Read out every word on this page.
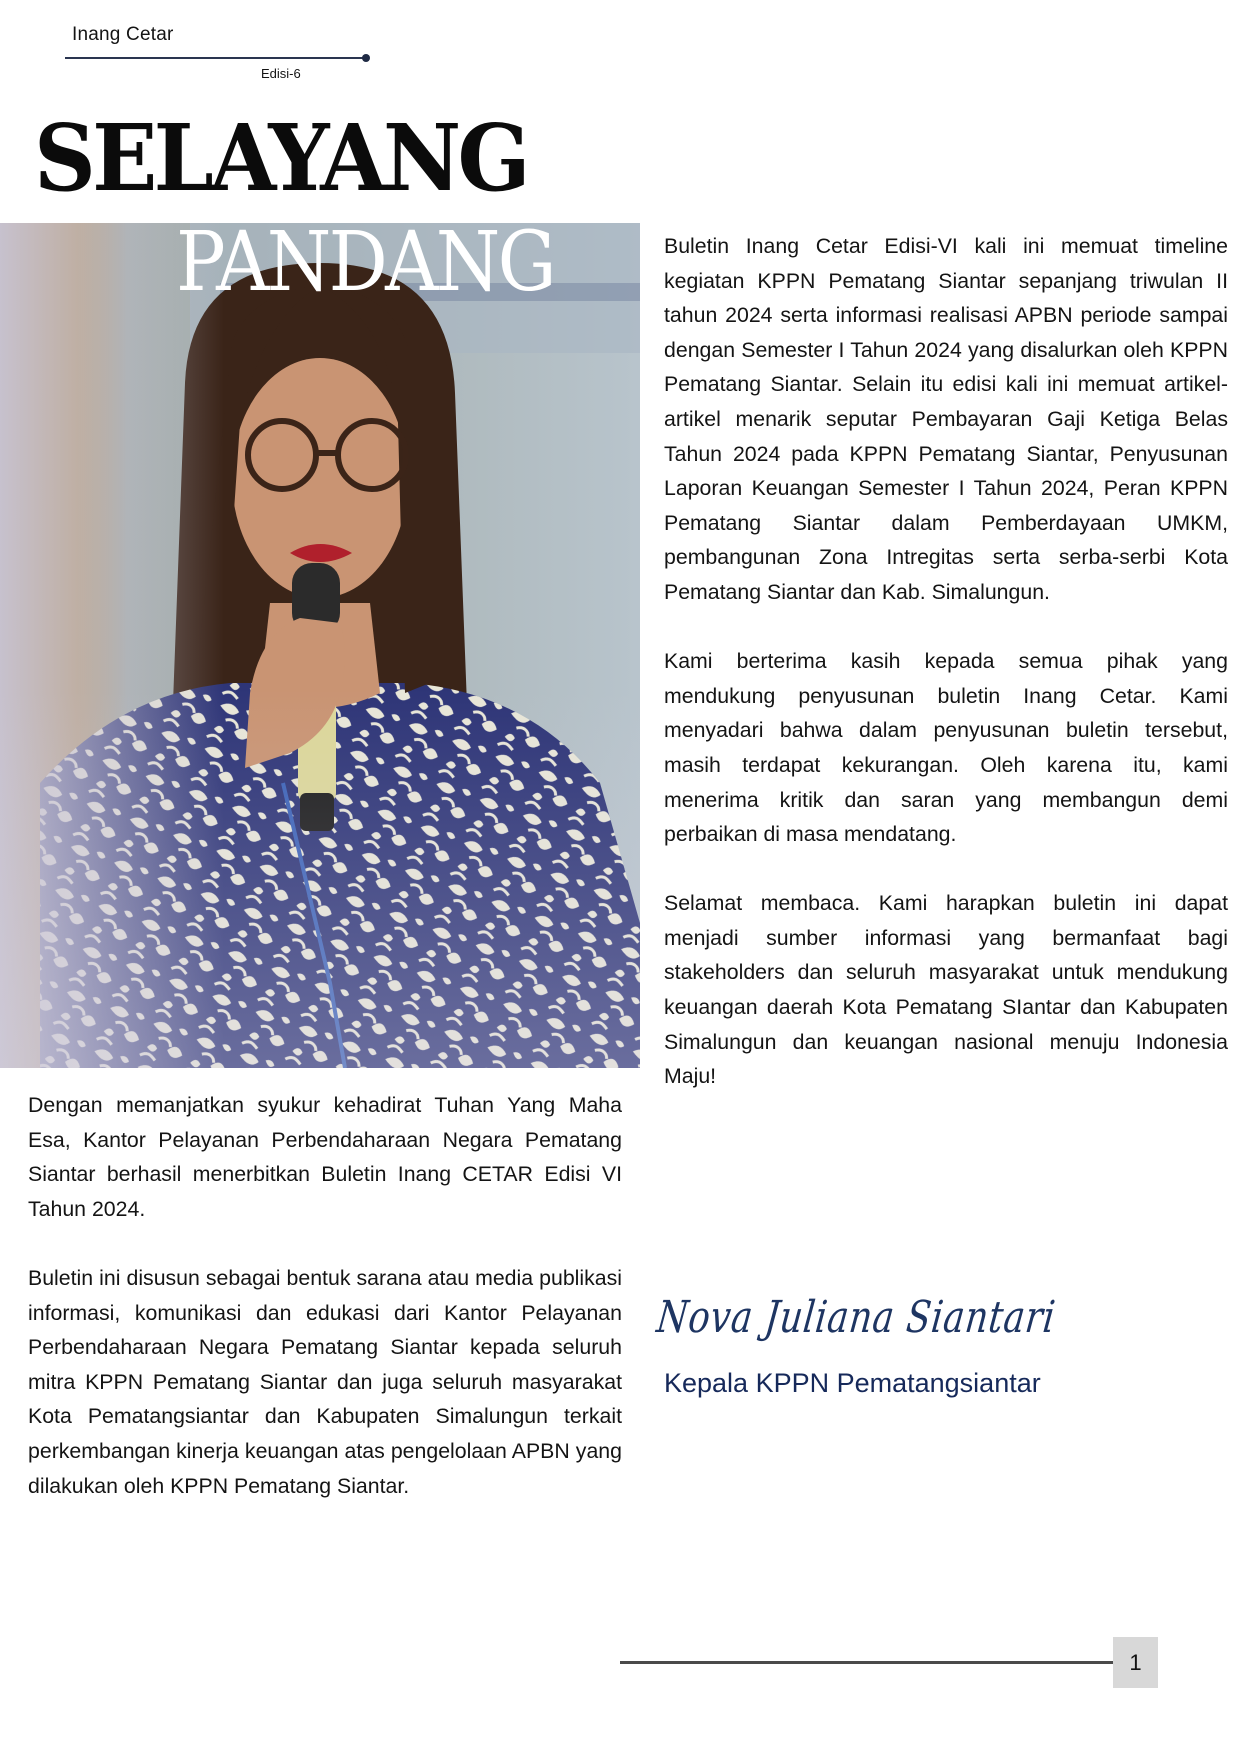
Inang Cetar
Edisi-6
SELAYANG
PANDANG	Buletin Inang Cetar Edisi-VI kali ini memuat timeline kegiatan KPPN Pematang Siantar sepanjang triwulan II tahun 2024 serta informasi realisasi APBN periode sampai dengan Semester I Tahun 2024 yang disalurkan oleh KPPN Pematang Siantar. Selain itu edisi kali ini memuat artikel-artikel menarik seputar Pembayaran Gaji Ketiga Belas Tahun 2024 pada KPPN Pematang Siantar, Penyusunan Laporan Keuangan Semester I Tahun 2024, Peran KPPN Pematang Siantar dalam Pemberdayaan UMKM, pembangunan Zona Intregitas serta serba-serbi Kota Pematang Siantar dan Kab. Simalungun.

Kami berterima kasih kepada semua pihak yang mendukung penyusunan buletin Inang Cetar. Kami menyadari bahwa dalam penyusunan buletin tersebut, masih terdapat kekurangan. Oleh karena itu, kami menerima kritik dan saran yang membangun demi perbaikan di masa mendatang.

Selamat membaca. Kami harapkan buletin ini dapat menjadi sumber informasi yang bermanfaat bagi stakeholders dan seluruh masyarakat untuk mendukung keuangan daerah Kota Pematang SIantar dan Kabupaten Simalungun dan keuangan nasional menuju Indonesia Maju!

Nova Juliana Siantari
Kepala KPPN Pematangsiantar

Dengan memanjatkan syukur kehadirat Tuhan Yang Maha Esa, Kantor Pelayanan Perbendaharaan Negara Pematang Siantar berhasil menerbitkan Buletin Inang CETAR Edisi VI Tahun 2024.

Buletin ini disusun sebagai bentuk sarana atau media publikasi informasi, komunikasi dan edukasi dari Kantor Pelayanan Perbendaharaan Negara Pematang Siantar kepada seluruh mitra KPPN Pematang Siantar dan juga seluruh masyarakat Kota Pematangsiantar dan Kabupaten Simalungun terkait perkembangan kinerja keuangan atas pengelolaan APBN yang dilakukan oleh KPPN Pematang Siantar.

1
